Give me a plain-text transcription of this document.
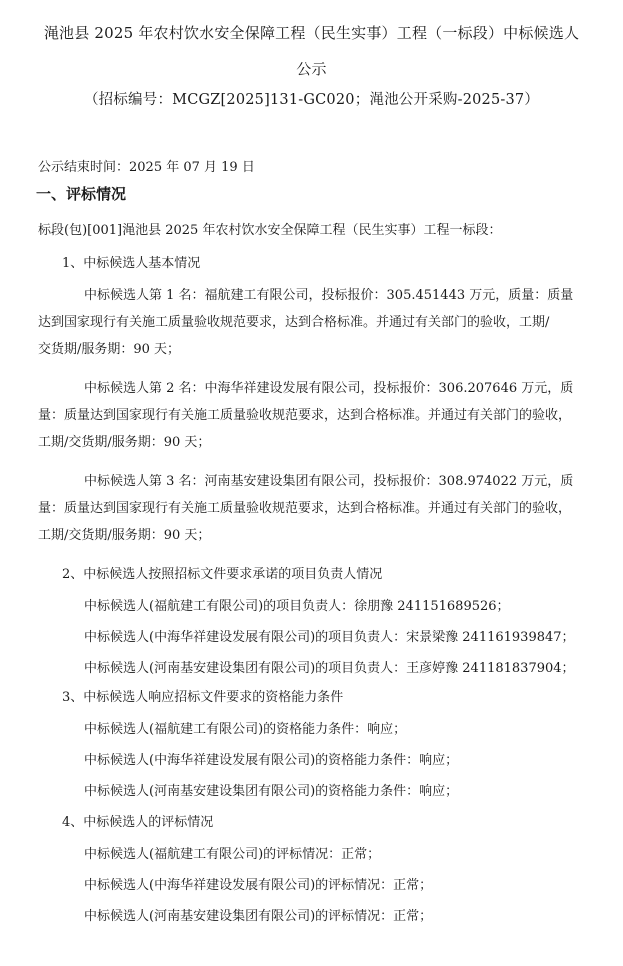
渑池县 2025 年农村饮水安全保障工程（民生实事）工程（一标段）中标候选人
公示
（招标编号：MCGZ[2025]131-GC020；渑池公开采购-2025-37）
公示结束时间：2025 年 07 月 19 日
一、评标情况
标段(包)[001]渑池县 2025 年农村饮水安全保障工程（民生实事）工程一标段：
1、中标候选人基本情况

中标候选人第 1 名：福航建工有限公司，投标报价：305.451443 万元，质量：质量

达到国家现行有关施工质量验收规范要求，达到合格标准。并通过有关部门的验收，工期/

交货期/服务期：90 天；

中标候选人第 2 名：中海华祥建设发展有限公司，投标报价：306.207646 万元，质

量：质量达到国家现行有关施工质量验收规范要求，达到合格标准。并通过有关部门的验收，

工期/交货期/服务期：90 天；

中标候选人第 3 名：河南基安建设集团有限公司，投标报价：308.974022 万元，质

量：质量达到国家现行有关施工质量验收规范要求，达到合格标准。并通过有关部门的验收，

工期/交货期/服务期：90 天；

2、中标候选人按照招标文件要求承诺的项目负责人情况
中标候选人(福航建工有限公司)的项目负责人：徐朋豫 241151689526；
中标候选人(中海华祥建设发展有限公司)的项目负责人：宋景梁豫 241161939847；
中标候选人(河南基安建设集团有限公司)的项目负责人：王彦婷豫 241181837904；
3、中标候选人响应招标文件要求的资格能力条件
中标候选人(福航建工有限公司)的资格能力条件：响应；
中标候选人(中海华祥建设发展有限公司)的资格能力条件：响应；
中标候选人(河南基安建设集团有限公司)的资格能力条件：响应；
4、中标候选人的评标情况
中标候选人(福航建工有限公司)的评标情况：正常；
中标候选人(中海华祥建设发展有限公司)的评标情况：正常；
中标候选人(河南基安建设集团有限公司)的评标情况：正常；
